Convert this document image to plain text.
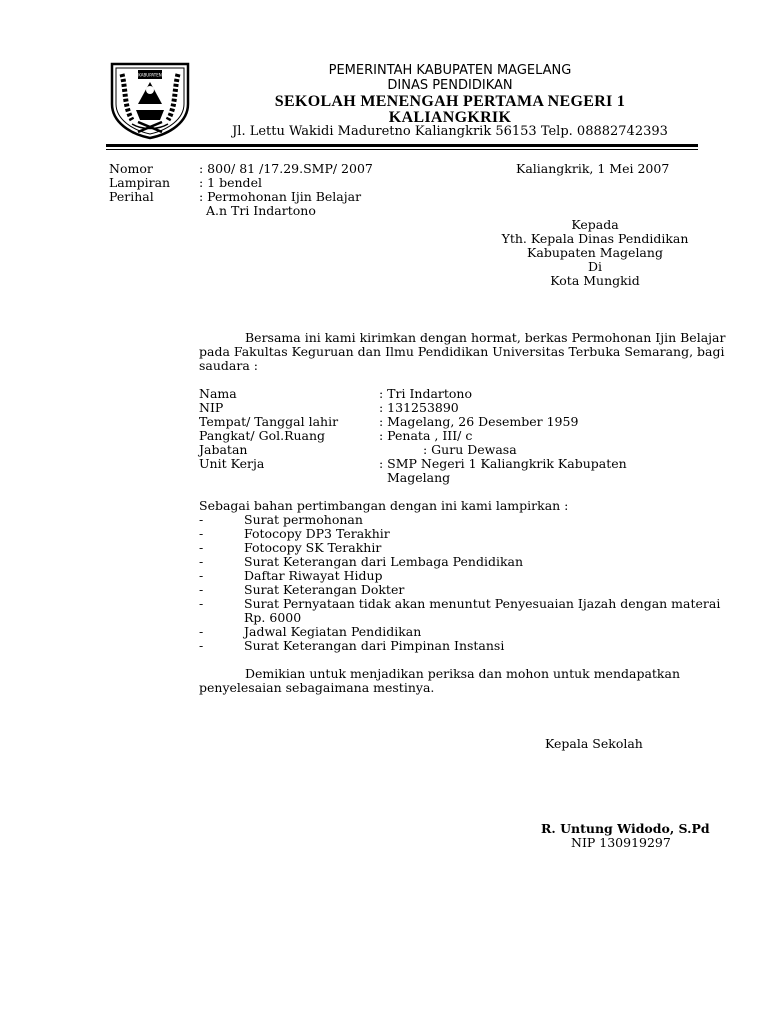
KABUPATEN	PEMERINTAH KABUPATEN MAGELANG
DINAS PENDIDIKAN
SEKOLAH MENENGAH PERTAMA NEGERI 1
KALIANGKRIK
Jl. Lettu Wakidi Maduretno Kaliangkrik 56153 Telp. 08882742393
Nomor	: 800/ 81 /17.29.SMP/ 2007	Kaliangkrik, 1 Mei 2007
Lampiran : 1 bendel
Perihal	: Permohonan Ijin Belajar
A.n Tri Indartono
Kepada
Yth. Kepala Dinas Pendidikan
Kabupaten Magelang
Di
Kota Mungkid
Bersama ini kami kirimkan dengan hormat, berkas Permohonan Ijin Belajar
pada Fakultas Keguruan dan Ilmu Pendidikan Universitas Terbuka Semarang, bagi
saudara :
Nama	: Tri Indartono
NIP	: 131253890
Tempat/ Tanggal lahir	: Magelang, 26 Desember 1959
Pangkat/ Gol.Ruang	: Penata , III/ c
Jabatan	: Guru Dewasa
Unit Kerja	: SMP Negeri 1 Kaliangkrik Kabupaten
Magelang
Sebagai bahan pertimbangan dengan ini kami lampirkan :
-	Surat permohonan
-	Fotocopy DP3 Terakhir
-	Fotocopy SK Terakhir
-	Surat Keterangan dari Lembaga Pendidikan
-	Daftar Riwayat Hidup
-	Surat Keterangan Dokter
-	Surat Pernyataan tidak akan menuntut Penyesuaian Ijazah dengan materai
Rp. 6000
-	Jadwal Kegiatan Pendidikan
-	Surat Keterangan dari Pimpinan Instansi
Demikian untuk menjadikan periksa dan mohon untuk mendapatkan
penyelesaian sebagaimana mestinya.
Kepala Sekolah
R. Untung Widodo, S.Pd
NIP 130919297
